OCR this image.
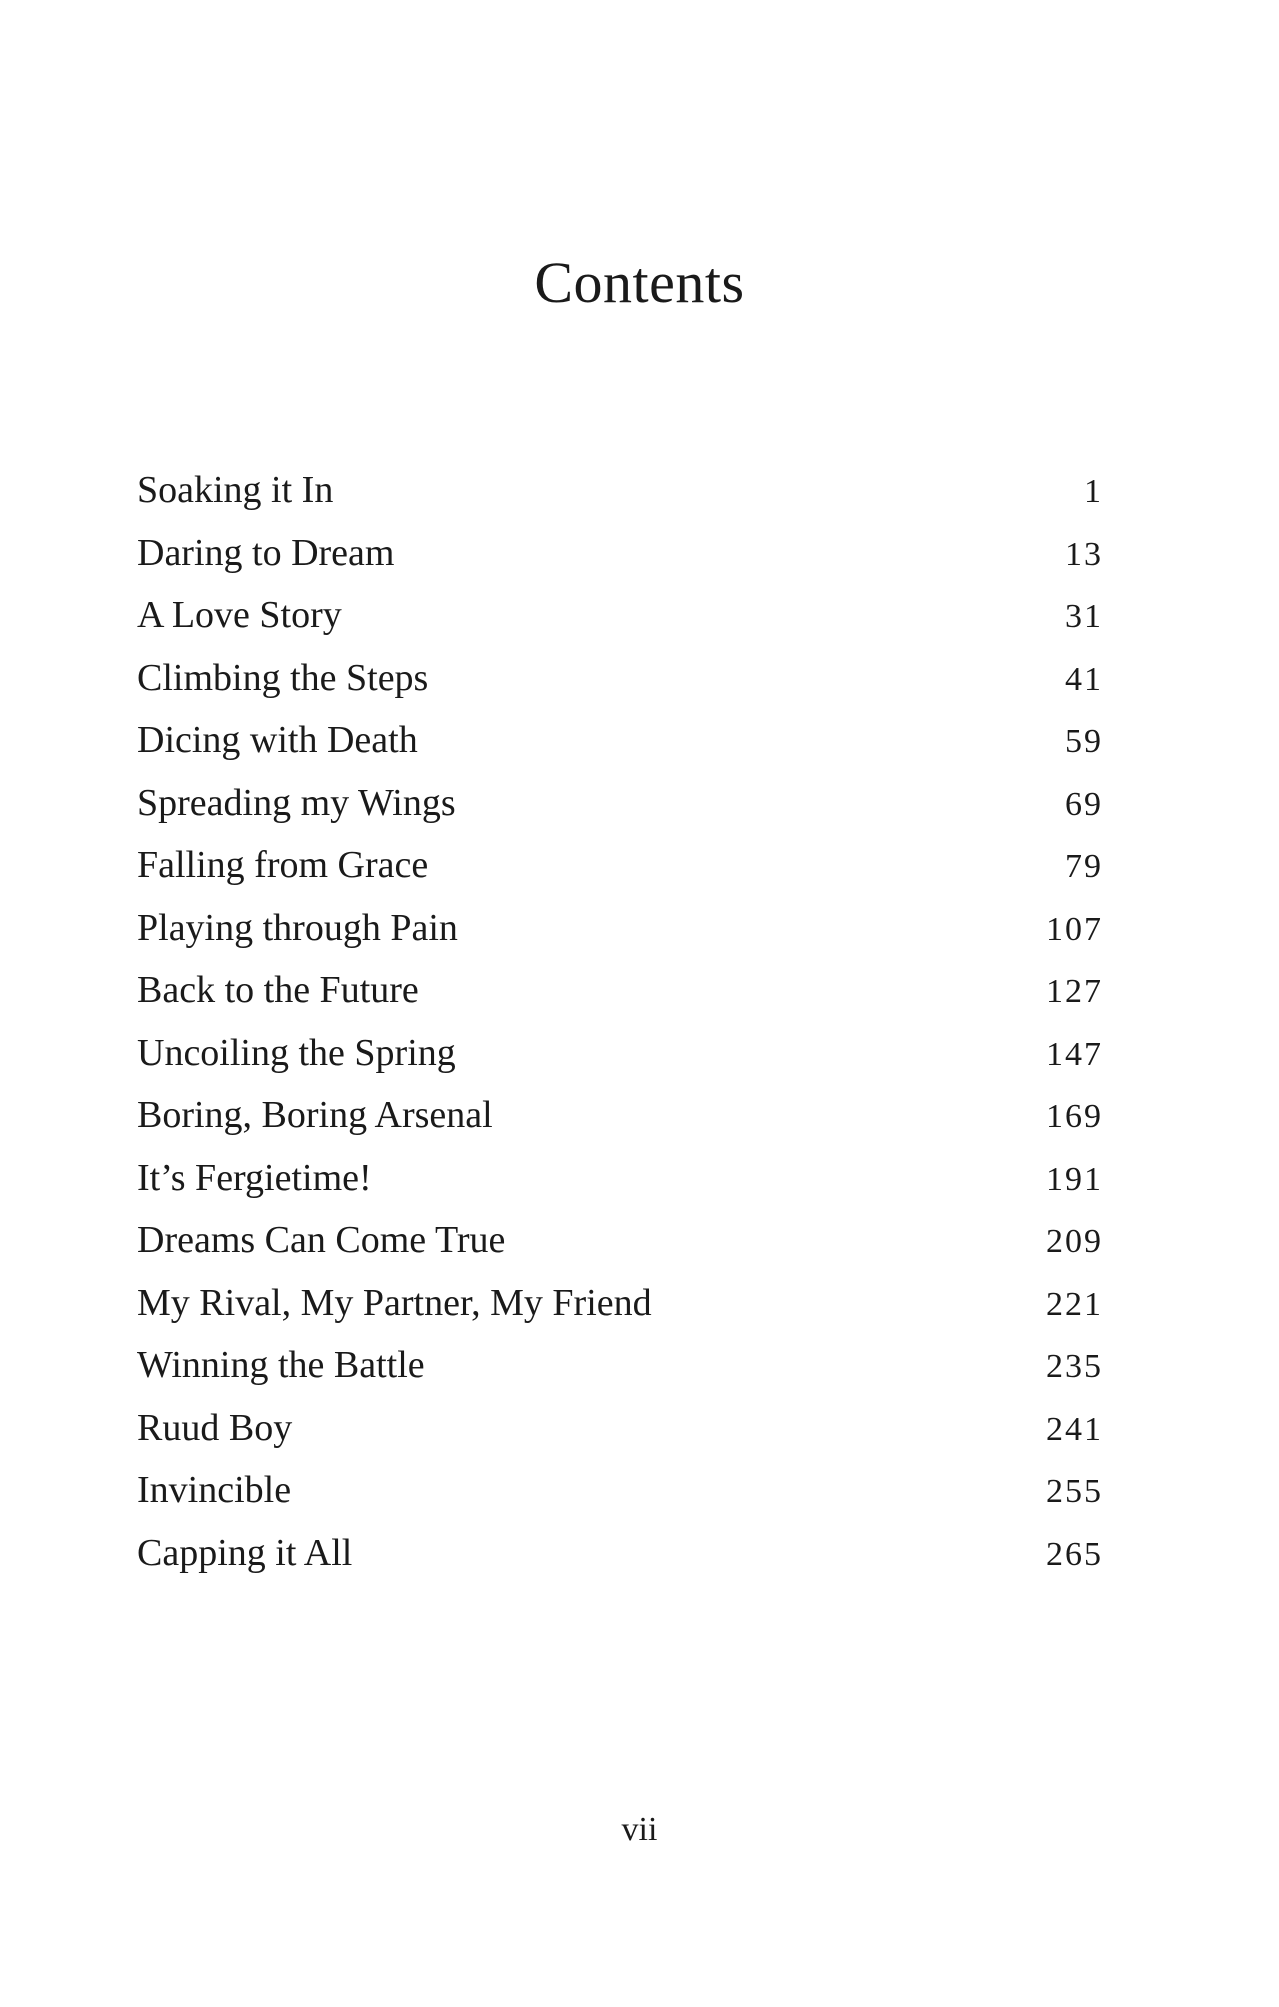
Contents
Soaking it In	1
Daring to Dream	13
A Love Story	31
Climbing the Steps	41
Dicing with Death	59
Spreading my Wings	69
Falling from Grace	79
Playing through Pain	107
Back to the Future	127
Uncoiling the Spring	147
Boring, Boring Arsenal	169
It’s Fergietime!	191
Dreams Can Come True	209
My Rival, My Partner, My Friend	221
Winning the Battle	235
Ruud Boy	241
Invincible	255
Capping it All	265
vii
